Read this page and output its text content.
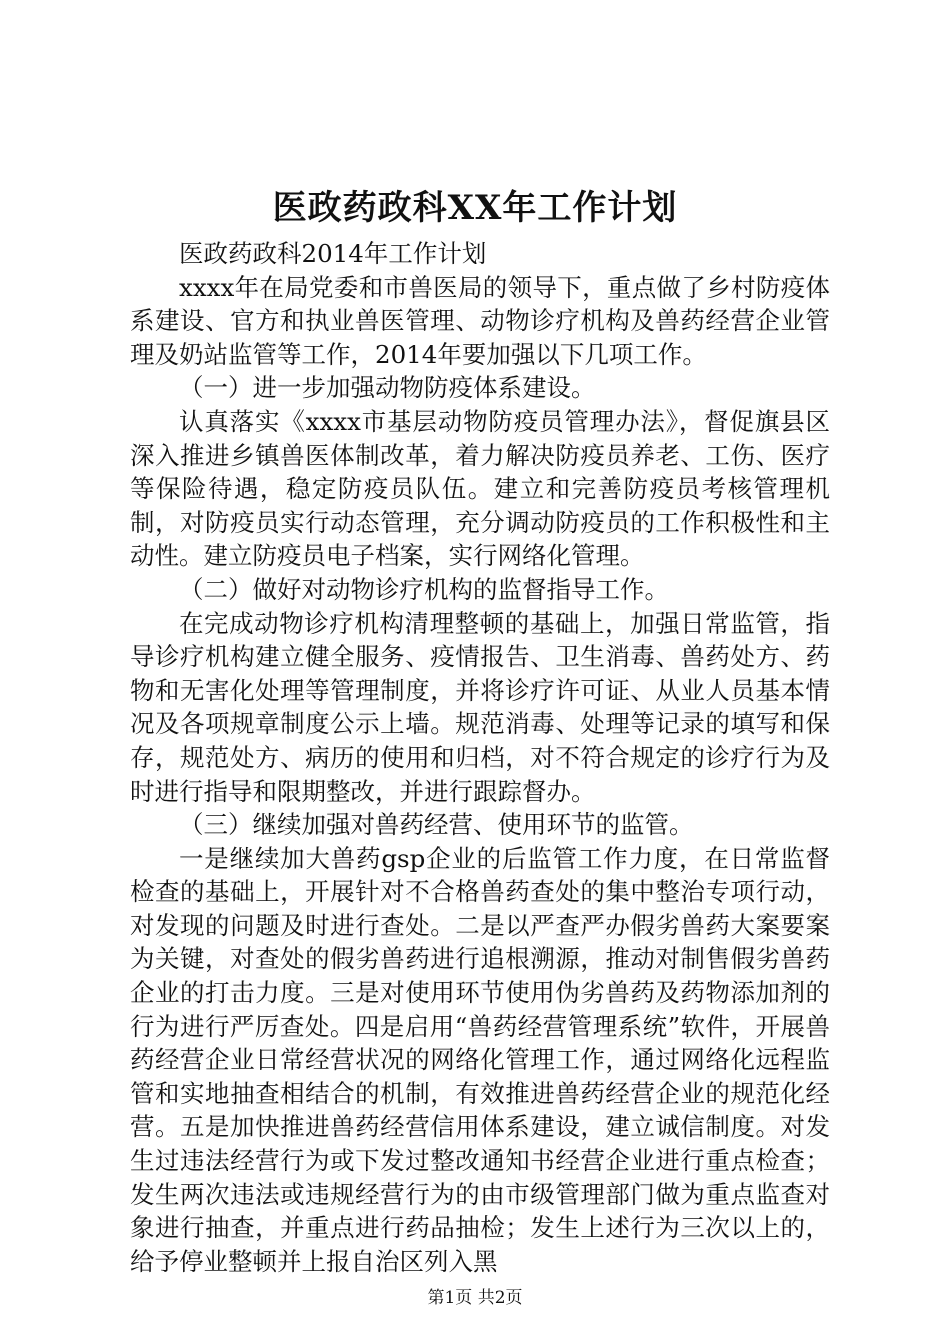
医政药政科XX年工作计划

医政药政科2014年工作计划

xxxx年在局党委和市兽医局的领导下，重点做了乡村防疫体系建设、官方和执业兽医管理、动物诊疗机构及兽药经营企业管理及奶站监管等工作，2014年要加强以下几项工作。

（一）进一步加强动物防疫体系建设。

认真落实《xxxx市基层动物防疫员管理办法》，督促旗县区深入推进乡镇兽医体制改革，着力解决防疫员养老、工伤、医疗等保险待遇，稳定防疫员队伍。建立和完善防疫员考核管理机制，对防疫员实行动态管理，充分调动防疫员的工作积极性和主动性。建立防疫员电子档案，实行网络化管理。

（二）做好对动物诊疗机构的监督指导工作。

在完成动物诊疗机构清理整顿的基础上，加强日常监管，指导诊疗机构建立健全服务、疫情报告、卫生消毒、兽药处方、药物和无害化处理等管理制度，并将诊疗许可证、从业人员基本情况及各项规章制度公示上墙。规范消毒、处理等记录的填写和保存，规范处方、病历的使用和归档，对不符合规定的诊疗行为及时进行指导和限期整改，并进行跟踪督办。

（三）继续加强对兽药经营、使用环节的监管。

一是继续加大兽药gsp企业的后监管工作力度，在日常监督检查的基础上，开展针对不合格兽药查处的集中整治专项行动，对发现的问题及时进行查处。二是以严查严办假劣兽药大案要案为关键，对查处的假劣兽药进行追根溯源，推动对制售假劣兽药企业的打击力度。三是对使用环节使用伪劣兽药及药物添加剂的行为进行严厉查处。四是启用“兽药经营管理系统”软件，开展兽药经营企业日常经营状况的网络化管理工作，通过网络化远程监管和实地抽查相结合的机制，有效推进兽药经营企业的规范化经营。五是加快推进兽药经营信用体系建设，建立诚信制度。对发生过违法经营行为或下发过整改通知书经营企业进行重点检查；发生两次违法或违规经营行为的由市级管理部门做为重点监查对象进行抽查，并重点进行药品抽检；发生上述行为三次以上的，给予停业整顿并上报自治区列入黑

第1页 共2页
